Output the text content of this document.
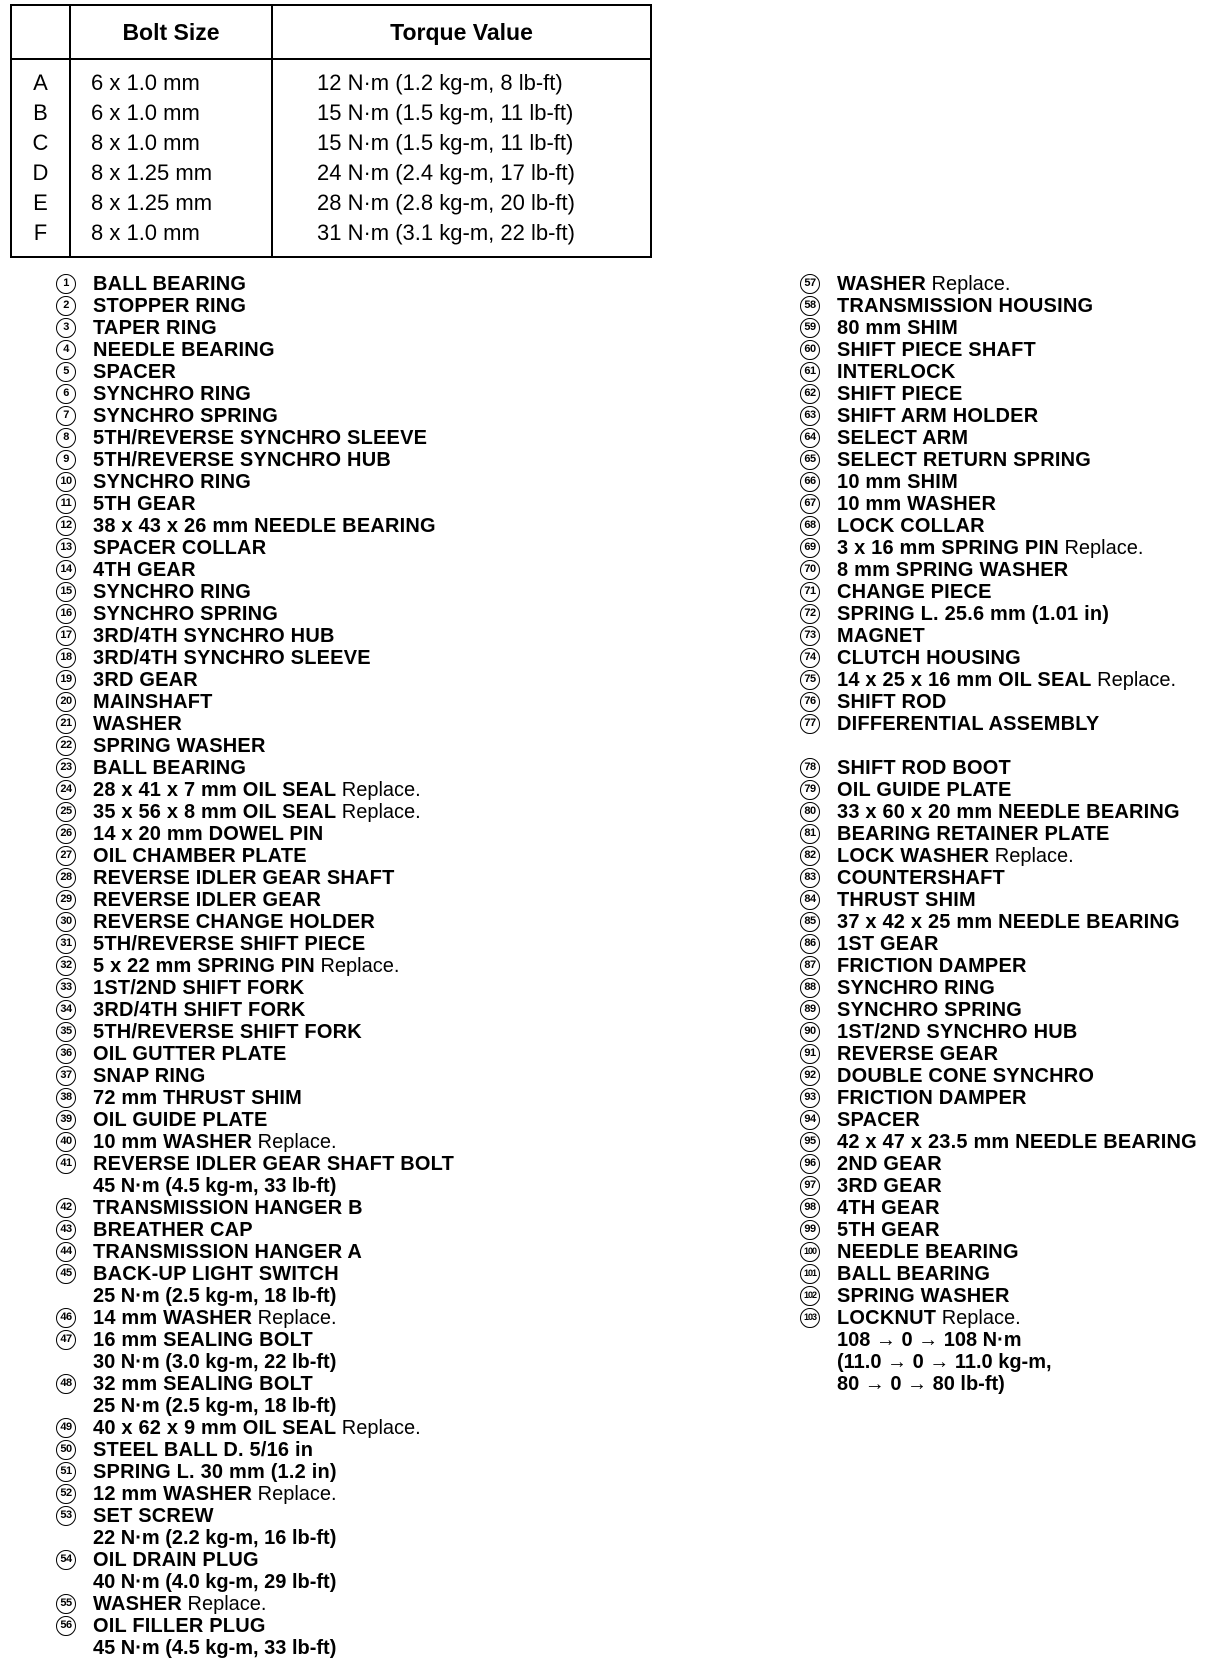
	Bolt Size	Torque Value
A	6 x 1.0 mm	12 N·m (1.2 kg-m, 8 lb-ft)
B	6 x 1.0 mm	15 N·m (1.5 kg-m, 11 lb-ft)
C	8 x 1.0 mm	15 N·m (1.5 kg-m, 11 lb-ft)
D	8 x 1.25 mm	24 N·m (2.4 kg-m, 17 lb-ft)
E	8 x 1.25 mm	28 N·m (2.8 kg-m, 20 lb-ft)
F	8 x 1.0 mm	31 N·m (3.1 kg-m, 22 lb-ft)
1	BALL BEARING
2	STOPPER RING
3	TAPER RING
4	NEEDLE BEARING
5	SPACER
6	SYNCHRO RING
7	SYNCHRO SPRING
8	5TH/REVERSE SYNCHRO SLEEVE
9	5TH/REVERSE SYNCHRO HUB
10 SYNCHRO RING
11 5TH GEAR
12 38 x 43 x 26 mm NEEDLE BEARING
13 SPACER COLLAR
14 4TH GEAR
15 SYNCHRO RING
16 SYNCHRO SPRING
17 3RD/4TH SYNCHRO HUB
18 3RD/4TH SYNCHRO SLEEVE
19 3RD GEAR
20 MAINSHAFT
21 WASHER
22 SPRING WASHER
23 BALL BEARING
24 28 x 41 x 7 mm OIL SEAL Replace.
25 35 x 56 x 8 mm OIL SEAL Replace.
26 14 x 20 mm DOWEL PIN
27 OIL CHAMBER PLATE
28 REVERSE IDLER GEAR SHAFT
29 REVERSE IDLER GEAR
30 REVERSE CHANGE HOLDER
31 5TH/REVERSE SHIFT PIECE
32 5 x 22 mm SPRING PIN Replace.
33 1ST/2ND SHIFT FORK
34 3RD/4TH SHIFT FORK
35 5TH/REVERSE SHIFT FORK
36 OIL GUTTER PLATE
37 SNAP RING
38 72 mm THRUST SHIM
39 OIL GUIDE PLATE
40 10 mm WASHER Replace.
41 REVERSE IDLER GEAR SHAFT BOLT
45 N·m (4.5 kg-m, 33 lb-ft)
42 TRANSMISSION HANGER B
43 BREATHER CAP
44 TRANSMISSION HANGER A
45 BACK-UP LIGHT SWITCH
25 N·m (2.5 kg-m, 18 lb-ft)
46 14 mm WASHER Replace.
47 16 mm SEALING BOLT
30 N·m (3.0 kg-m, 22 lb-ft)
48 32 mm SEALING BOLT
25 N·m (2.5 kg-m, 18 lb-ft)
49 40 x 62 x 9 mm OIL SEAL Replace.
50 STEEL BALL D. 5/16 in
51 SPRING L. 30 mm (1.2 in)
52 12 mm WASHER Replace.
53 SET SCREW
22 N·m (2.2 kg-m, 16 lb-ft)
54 OIL DRAIN PLUG
40 N·m (4.0 kg-m, 29 lb-ft)
55 WASHER Replace.
56 OIL FILLER PLUG
45 N·m (4.5 kg-m, 33 lb-ft)
57 WASHER Replace.
58 TRANSMISSION HOUSING
59 80 mm SHIM
60 SHIFT PIECE SHAFT
61 INTERLOCK
62 SHIFT PIECE
63 SHIFT ARM HOLDER
64 SELECT ARM
65 SELECT RETURN SPRING
66 10 mm SHIM
67 10 mm WASHER
68 LOCK COLLAR
69 3 x 16 mm SPRING PIN Replace.
70 8 mm SPRING WASHER
71 CHANGE PIECE
72 SPRING L. 25.6 mm (1.01 in)
73 MAGNET
74 CLUTCH HOUSING
75 14 x 25 x 16 mm OIL SEAL Replace.
76 SHIFT ROD
77 DIFFERENTIAL ASSEMBLY
78 SHIFT ROD BOOT
79 OIL GUIDE PLATE
80 33 x 60 x 20 mm NEEDLE BEARING
81 BEARING RETAINER PLATE
82 LOCK WASHER Replace.
83 COUNTERSHAFT
84 THRUST SHIM
85 37 x 42 x 25 mm NEEDLE BEARING
86 1ST GEAR
87 FRICTION DAMPER
88 SYNCHRO RING
89 SYNCHRO SPRING
90 1ST/2ND SYNCHRO HUB
91 REVERSE GEAR
92 DOUBLE CONE SYNCHRO
93 FRICTION DAMPER
94 SPACER
95 42 x 47 x 23.5 mm NEEDLE BEARING
96 2ND GEAR
97 3RD GEAR
98 4TH GEAR
99 5TH GEAR
100 NEEDLE BEARING
101 BALL BEARING
102 SPRING WASHER
103 LOCKNUT Replace.
108 → 0 → 108 N·m
(11.0 → 0 → 11.0 kg-m,
80 → 0 → 80 lb-ft)
